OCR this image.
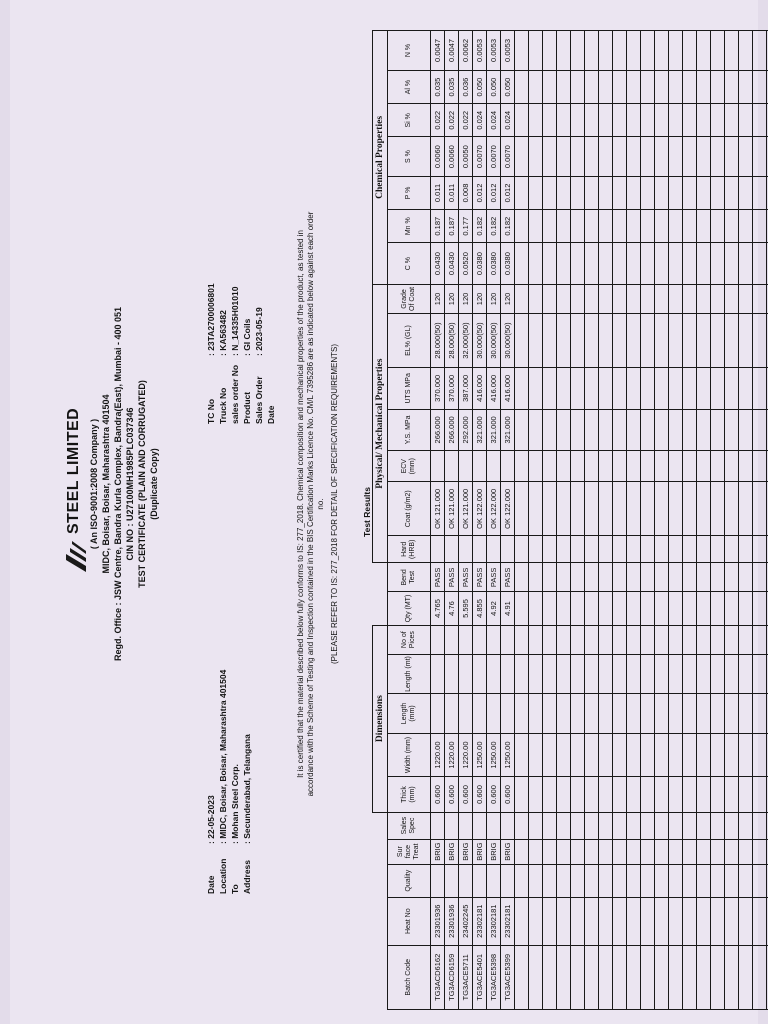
STEEL LIMITED ( An ISO-9001:2008 Company ) MIDC, Boisar, Boisar, Maharashtra 401504 Regd. Office : JSW Centre, Bandra Kurla Complex, Bandra(East), Mumbai - 400 051 CIN NO : U27100MH1985PLC037346 TEST CERTIFICATE (PLAIN AND CORRUGATED) (Duplicate Copy)
Date
: 22-05-2023
Location
: MIDC, Boisar, Boisar, Maharashtra 401504
To
: Mohan Steel Corp.
Address
: Secunderabad, Telangana
TC No
: 23TA2700006801
Truck No
: KA563482
sales order No
: N_14335H01010
Product
: GI Coils
Sales Order Date
: 2023-05-19	It is certified that the material described below fully conforms to IS: 277_2018. Chemical composition and mechanical properties of the product, as tested in accordance with the Scheme of Testing and Inspection contained in the BIS Certification Marks Licence No. CM/L 7395286 are as indicated below against each order no. (PLEASE REFER TO IS: 277_2018 FOR DETAIL OF SPECIFICATION REQUIREMENTS)	Test Results
					Dimensions							Physical/ Mechanical Properties							Chemical Properties						
Batch Code	Heat No	Quality	Sur face Treat	Sales Spec	Thick (mm)	Width (mm)	Length (mm)	Length (mt)	No of Pices	Qty (MT)	Bend Test	Hard (HRB)	Coat (g/m2)	ECV (mm)	Y.S. MPa	UTS MPa	EL% (GL)	Grade Of Coat	C %	Mn %	P %	S %	Si %	Al %	N %
TG3ACD6162	23301936		BRIG		0.600	1220.00				4.765	PASS		OK 121.000		266.000	370.000	28.000(50)	120	0.0430	0.187	0.011	0.0060	0.022	0.035	0.0047
TG3ACD6159	23301936		BRIG		0.600	1220.00				4.76	PASS		OK 121.000		266.000	370.000	28.000(50)	120	0.0430	0.187	0.011	0.0060	0.022	0.035	0.0047
TG3ACE5711	23402245		BRIG		0.600	1220.00				5.595	PASS		OK 121.000		292.000	387.000	32.000(50)	120	0.0520	0.177	0.008	0.0050	0.022	0.036	0.0062
TG3ACE5401	23302181		BRIG		0.600	1250.00				4.855	PASS		OK 122.000		321.000	416.000	30.000(50)	120	0.0380	0.182	0.012	0.0070	0.024	0.050	0.0053
TG3ACE5398	23302181		BRIG		0.600	1250.00				4.92	PASS		OK 122.000		321.000	416.000	30.000(50)	120	0.0380	0.182	0.012	0.0070	0.024	0.050	0.0053
TG3ACE5399	23302181		BRIG		0.600	1250.00				4.91	PASS		OK 122.000		321.000	416.000	30.000(50)	120	0.0380	0.182	0.012	0.0070	0.024	0.050	0.0053
